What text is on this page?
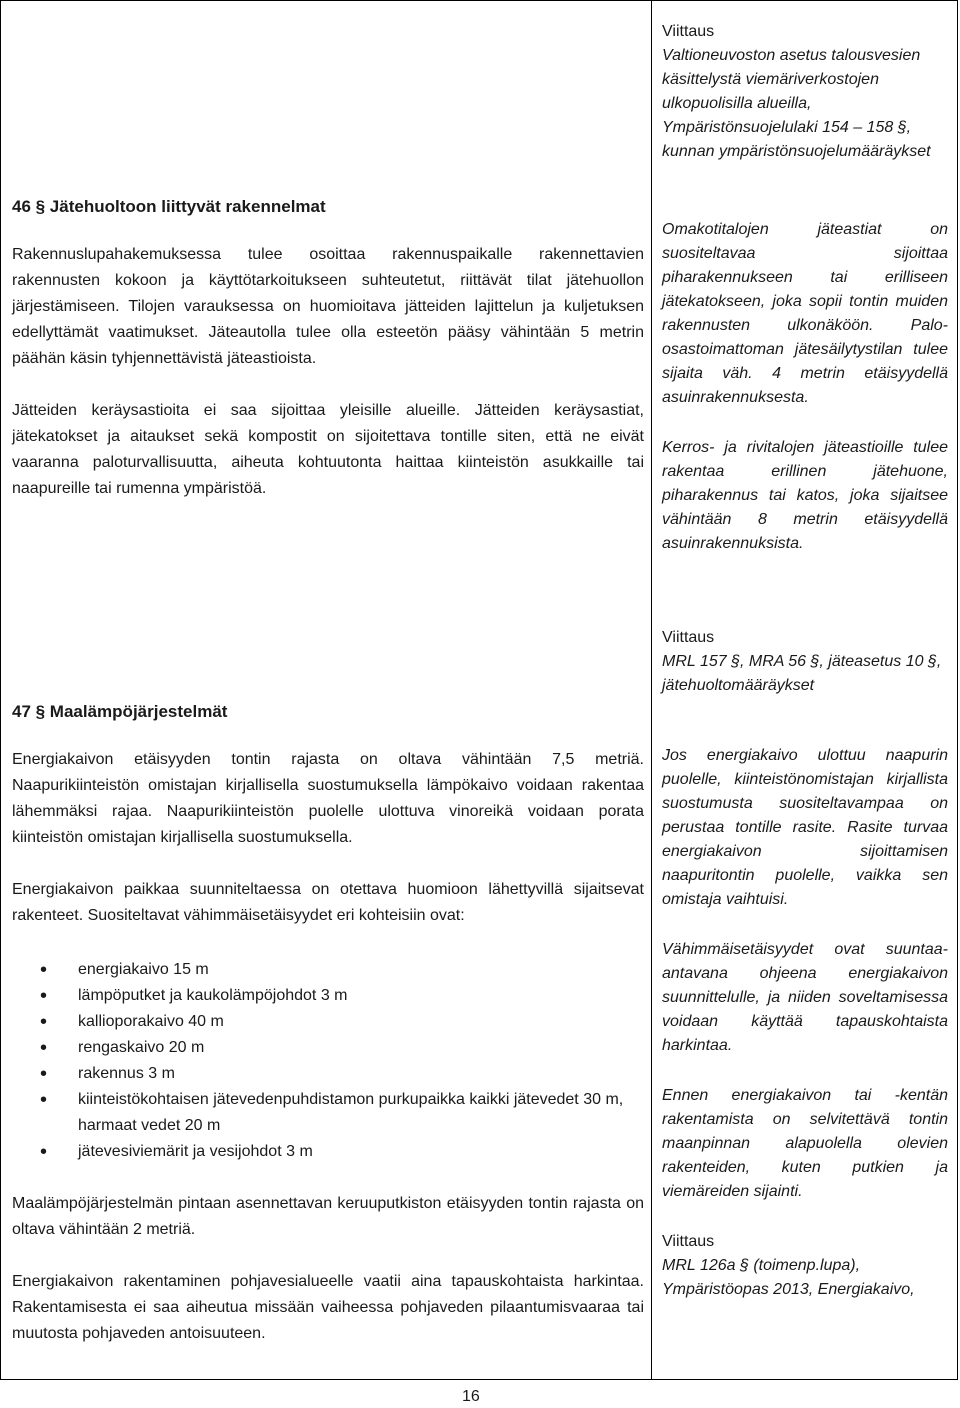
46 § Jätehuoltoon liittyvät rakennelmat

Rakennuslupahakemuksessa tulee osoittaa rakennuspaikalle rakennettavien rakennusten kokoon ja käyttötarkoitukseen suhteutetut, riittävät tilat jätehuollon järjestämiseen. Tilojen varauksessa on huomioitava jätteiden lajittelun ja kuljetuksen edellyttämät vaatimukset. Jäteautolla tulee olla esteetön pääsy vähintään 5 metrin päähän käsin tyhjennettävistä jäteastioista.

Jätteiden keräysastioita ei saa sijoittaa yleisille alueille. Jätteiden keräysastiat, jätekatokset ja aitaukset sekä kompostit on sijoitettava tontille siten, että ne eivät vaaranna paloturvallisuutta, aiheuta kohtuutonta haittaa kiinteistön asukkaille tai naapureille tai rumenna ympäristöä.

47 § Maalämpöjärjestelmät

Energiakaivon etäisyyden tontin rajasta on oltava vähintään 7,5 metriä. Naapurikiinteistön omistajan kirjallisella suostumuksella lämpökaivo voidaan rakentaa lähemmäksi rajaa. Naapurikiinteistön puolelle ulottuva vinoreikä voidaan porata kiinteistön omistajan kirjallisella suostumuksella.

Energiakaivon paikkaa suunniteltaessa on otettava huomioon lähettyvillä sijaitsevat rakenteet. Suositeltavat vähimmäisetäisyydet eri kohteisiin ovat:

• energiakaivo 15 m
• lämpöputket ja kaukolämpöjohdot 3 m
• kallioporakaivo 40 m
• rengaskaivo 20 m
• rakennus 3 m
• kiinteistökohtaisen jätevedenpuhdistamon purkupaikka kaikki jätevedet 30 m, harmaat vedet 20 m
• jätevesiviemärit ja vesijohdot 3 m

Maalämpöjärjestelmän pintaan asennettavan keruuputkiston etäisyyden tontin rajasta on oltava vähintään 2 metriä.

Energiakaivon rakentaminen pohjavesialueelle vaatii aina tapauskohtaista harkintaa. Rakentamisesta ei saa aiheutua missään vaiheessa pohjaveden pilaantumisvaaraa tai muutosta pohjaveden antoisuuteen.

Viittaus

Valtioneuvoston asetus talousvesien käsittelystä viemäriverkostojen ulkopuolisilla alueilla, Ympäristönsuojelulaki 154 – 158 §, kunnan ympäristönsuojelumääräykset

Omakotitalojen jäteastiat on suositeltavaa sijoittaa piharakennukseen tai erilliseen jätekatokseen, joka sopii tontin muiden rakennusten ulkonäköön. Palo-osastoimattoman jätesäilytystilan tulee sijaita väh. 4 metrin etäisyydellä asuinrakennuksesta.

Kerros- ja rivitalojen jäteastioille tulee rakentaa erillinen jätehuone, piharakennus tai katos, joka sijaitsee vähintään 8 metrin etäisyydellä asuinrakennuksista.

Viittaus

MRL 157 §, MRA 56 §, jäteasetus 10 §, jätehuoltomääräykset

Jos energiakaivo ulottuu naapurin puolelle, kiinteistönomistajan kirjallista suostumusta suositeltavampaa on perustaa tontille rasite. Rasite turvaa energiakaivon sijoittamisen naapuritontin puolelle, vaikka sen omistaja vaihtuisi.

Vähimmäisetäisyydet ovat suuntaa-antavana ohjeena energiakaivon suunnittelulle, ja niiden soveltamisessa voidaan käyttää tapauskohtaista harkintaa.

Ennen energiakaivon tai -kentän rakentamista on selvitettävä tontin maanpinnan alapuolella olevien rakenteiden, kuten putkien ja viemäreiden sijainti.

Viittaus

MRL 126a § (toimenp.lupa), Ympäristöopas 2013, Energiakaivo,

16
